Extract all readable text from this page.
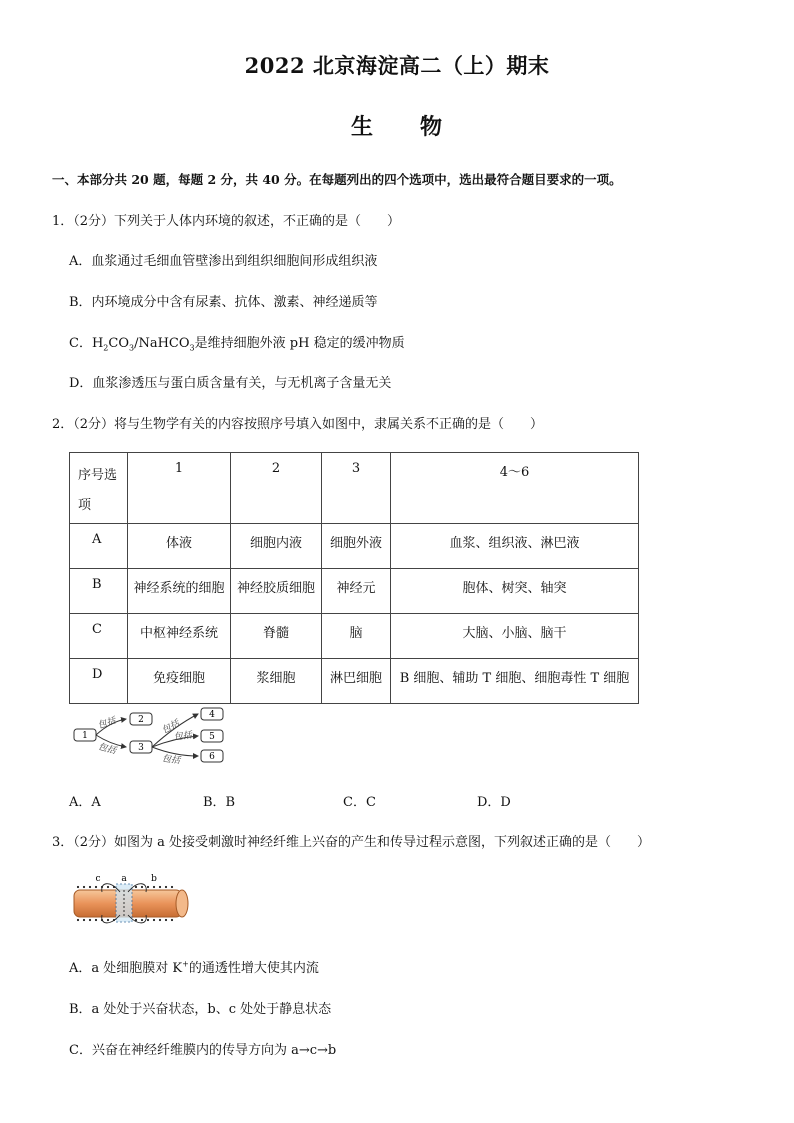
2022 北京海淀高二（上）期末
生　　物
一、本部分共 20 题，每题 2 分，共 40 分。在每题列出的四个选项中，选出最符合题目要求的一项。
1．（2分）下列关于人体内环境的叙述，不正确的是（　　）
A．血浆通过毛细血管壁渗出到组织细胞间形成组织液
B．内环境成分中含有尿素、抗体、激素、神经递质等
C．$H_2CO_3/NaHCO_3$是维持细胞外液 pH 稳定的缓冲物质
D．血浆渗透压与蛋白质含量有关，与无机离子含量无关
2．（2分）将与生物学有关的内容按照序号填入如图中，隶属关系不正确的是（　　）
序号选
项	1	2	3	4～6
A	体液	细胞内液	细胞外液	血浆、组织液、淋巴液
B	神经系统的细胞	神经胶质细胞	神经元	胞体、树突、轴突
C	中枢神经系统	脊髓	脑	大脑、小脑、脑干
D	免疫细胞	浆细胞	淋巴细胞	B 细胞、辅助 T 细胞、细胞毒性 T 细胞
包括
包括
包括
包括
包括
1
2
3
4
5
6
A．A	B．B	C．C	D．D
3．（2分）如图为 a 处接受刺激时神经纤维上兴奋的产生和传导过程示意图，下列叙述正确的是（　　）
c a	b
A．a 处细胞膜对 K+的通透性增大使其内流
B．a 处处于兴奋状态，b、c 处处于静息状态
C．兴奋在神经纤维膜内的传导方向为 a→c→b
